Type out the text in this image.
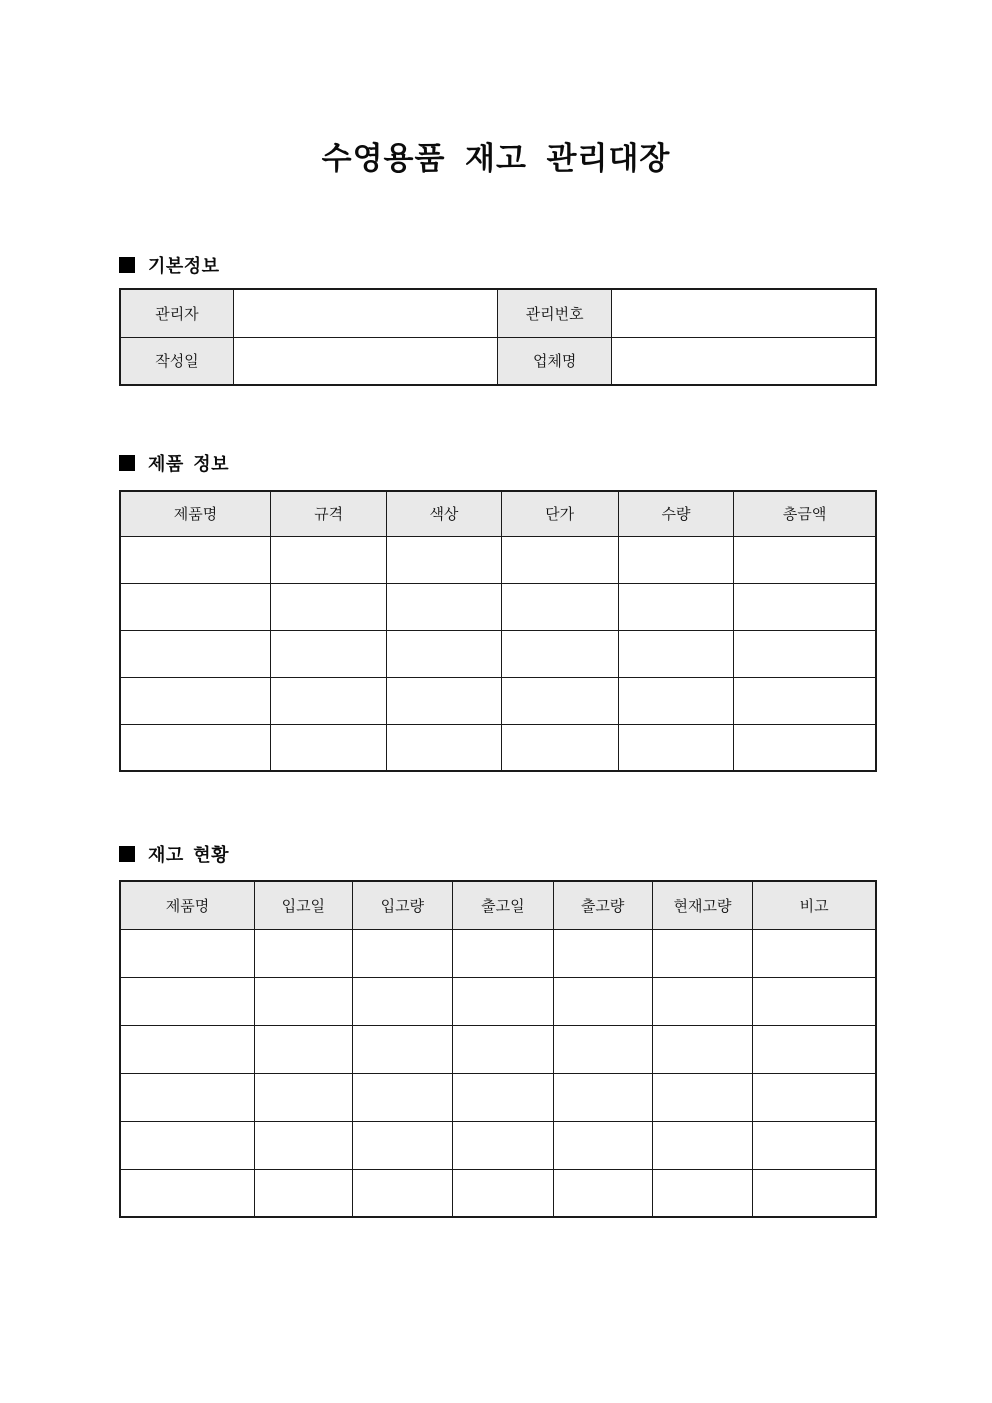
수영용품 재고 관리대장
기본정보
관리자		관리번호	
작성일		업체명	
제품 정보
제품명	규격	색상	단가	수량	총금액

재고 현황
제품명	입고일	입고량	출고일	출고량	현재고량	비고
